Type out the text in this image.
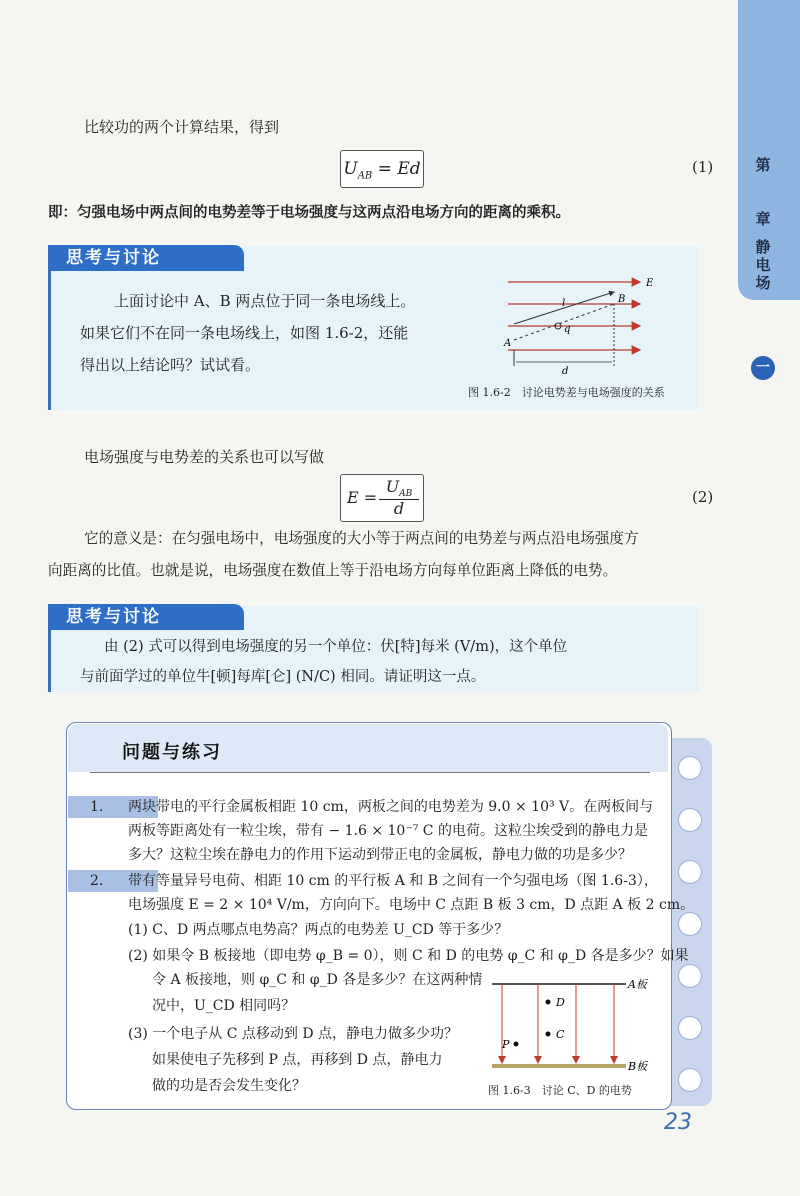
第
一
章
静
电
场
比较功的两个计算结果，得到
$U_{AB} = Ed$	(1)
即：匀强电场中两点间的电势差等于电场强度与这两点沿电场方向的距离的乘积。
思考与讨论
上面讨论中 A、B 两点位于同一条电场线上。
如果它们不在同一条电场线上，如图 1.6-2，还能
得出以上结论吗？试试看。
E
B
A
q
l
d
图 1.6-2　讨论电势差与电场强度的关系
电场强度与电势差的关系也可以写做
E =
$U_{AB}$
d
(2)
它的意义是：在匀强电场中，电场强度的大小等于两点间的电势差与两点沿电场强度方
向距离的比值。也就是说，电场强度在数值上等于沿电场方向每单位距离上降低的电势。
思考与讨论
由 (2) 式可以得到电场强度的另一个单位：伏[特]每米 (V/m)，这个单位
与前面学过的单位牛[顿]每库[仑] (N/C) 相同。请证明这一点。
问题与练习
1. 两块带电的平行金属板相距 10 cm，两板之间的电势差为 9.0 × 10³ V。在两板间与
两板等距离处有一粒尘埃，带有 − 1.6 × 10⁻⁷ C 的电荷。这粒尘埃受到的静电力是
多大？这粒尘埃在静电力的作用下运动到带正电的金属板，静电力做的功是多少？
2. 带有等量异号电荷、相距 10 cm 的平行板 A 和 B 之间有一个匀强电场（图 1.6-3），
电场强度 E = 2 × 10⁴ V/m，方向向下。电场中 C 点距 B 板 3 cm，D 点距 A 板 2 cm。
(1) C、D 两点哪点电势高？两点的电势差 U_CD 等于多少？
(2) 如果令 B 板接地（即电势 φ_B = 0），则 C 和 D 的电势 φ_C 和 φ_D 各是多少？如果
令 A 板接地，则 φ_C 和 φ_D 各是多少？在这两种情
况中，U_CD 相同吗？
(3) 一个电子从 C 点移动到 D 点，静电力做多少功？
如果使电子先移到 P 点，再移到 D 点，静电力
做的功是否会发生变化？
A板
B板
D
C
P
图 1.6-3　讨论 C、D 的电势
23
